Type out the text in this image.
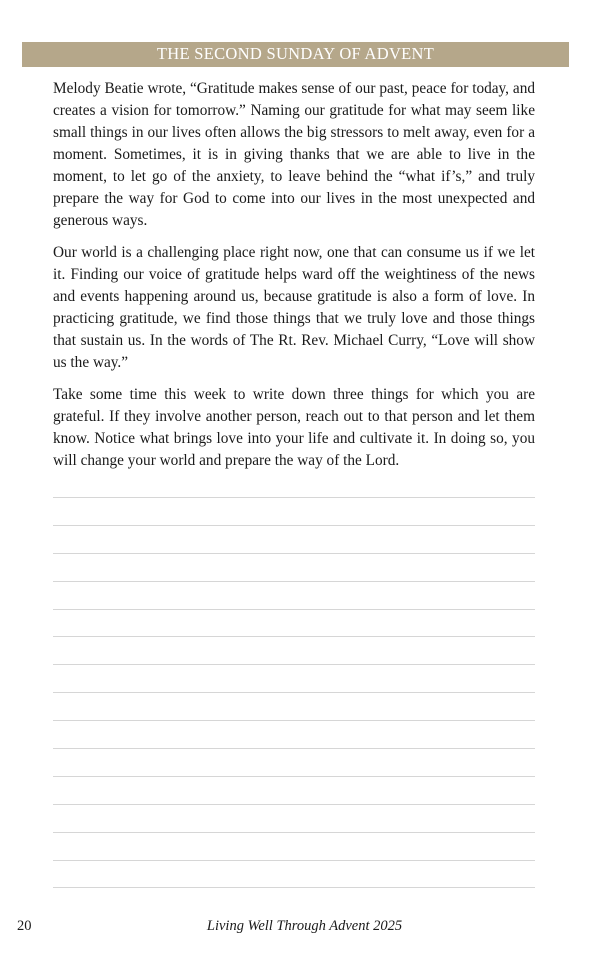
THE SECOND SUNDAY OF ADVENT

Melody Beatie wrote, “Gratitude makes sense of our past, peace for today, and creates a vision for tomorrow.” Naming our gratitude for what may seem like small things in our lives often allows the big stressors to melt away, even for a moment. Sometimes, it is in giving thanks that we are able to live in the moment, to let go of the anxiety, to leave behind the “what if’s,” and truly prepare the way for God to come into our lives in the most unexpected and generous ways.

Our world is a challenging place right now, one that can consume us if we let it. Finding our voice of gratitude helps ward off the weightiness of the news and events happening around us, because gratitude is also a form of love. In practicing gratitude, we find those things that we truly love and those things that sustain us. In the words of The Rt. Rev. Michael Curry, “Love will show us the way.”

Take some time this week to write down three things for which you are grateful. If they involve another person, reach out to that person and let them know. Notice what brings love into your life and cultivate it. In doing so, you will change your world and prepare the way of the Lord.

20	Living Well Through Advent 2025
